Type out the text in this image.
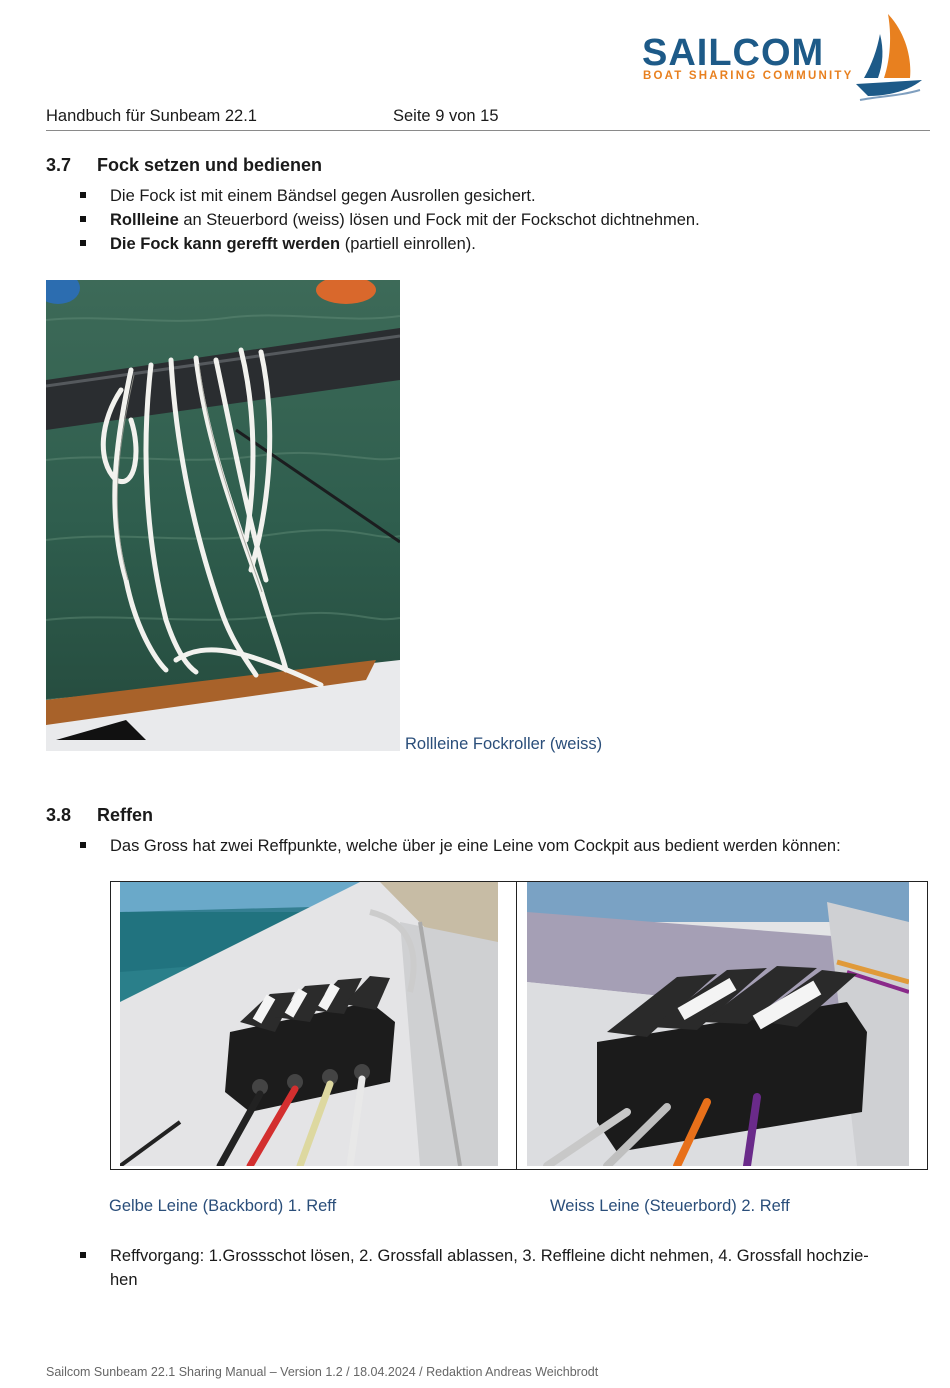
SAILCOM
BOAT SHARING COMMUNITY
Handbuch für Sunbeam 22.1	Seite 9 von 15
3.7 Fock setzen und bedienen
Die Fock ist mit einem Bändsel gegen Ausrollen gesichert.
Rollleine an Steuerbord (weiss) lösen und Fock mit der Fockschot dichtnehmen.
Die Fock kann gerefft werden (partiell einrollen).
Rollleine Fockroller (weiss)
3.8 Reffen
Das Gross hat zwei Reffpunkte, welche über je eine Leine vom Cockpit aus bedient werden können:
Gelbe Leine (Backbord) 1. Reff	Weiss Leine (Steuerbord) 2. Reff
Reffvorgang: 1.Grossschot lösen, 2. Grossfall ablassen, 3. Reffleine dicht nehmen, 4. Grossfall hochzie-
hen
Sailcom Sunbeam 22.1 Sharing Manual – Version 1.2 / 18.04.2024 / Redaktion Andreas Weichbrodt
